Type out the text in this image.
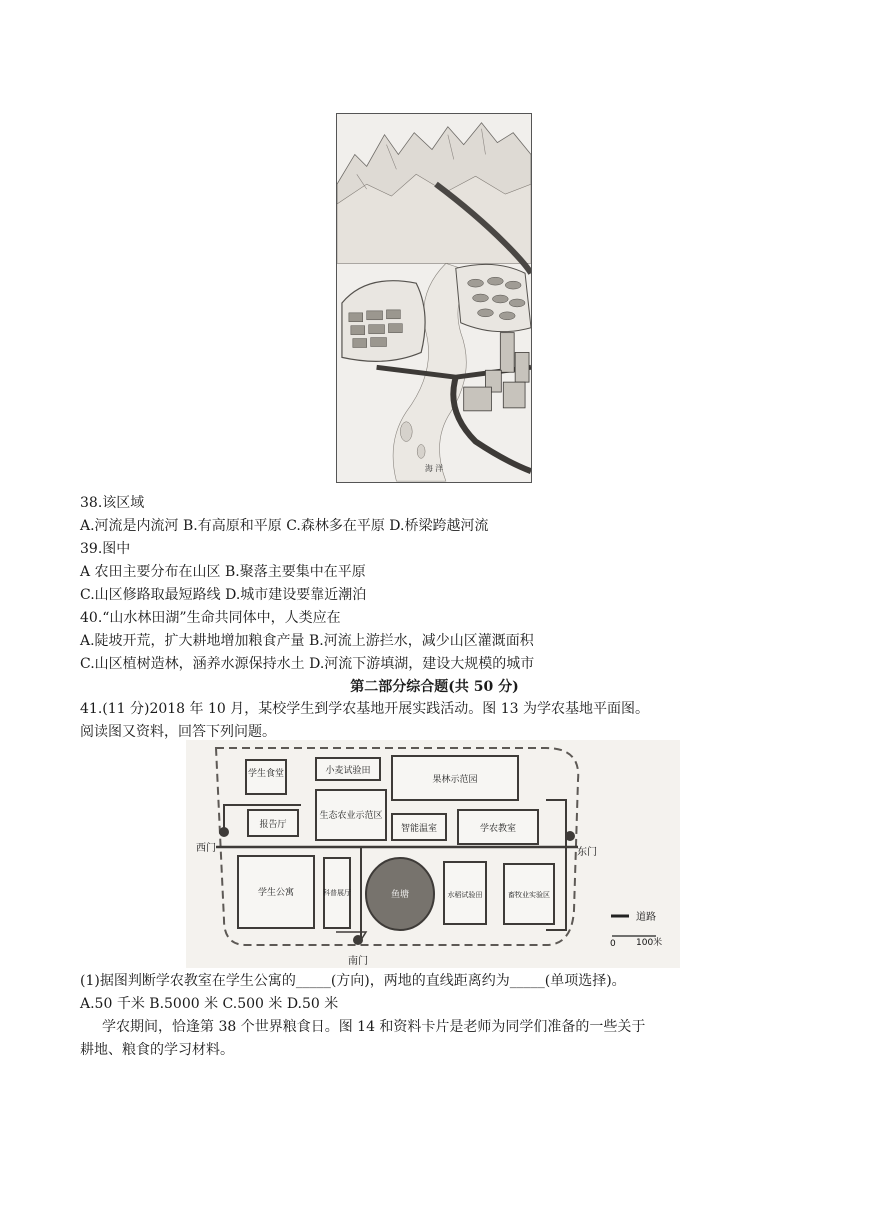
海 洋
38.该区域
A.河流是内流河 B.有高原和平原 C.森林多在平原 D.桥梁跨越河流
39.图中
A 农田主要分布在山区 B.聚落主要集中在平原
C.山区修路取最短路线 D.城市建设要靠近潮泊
40.“山水林田湖”生命共同体中，人类应在
A.陡坡开荒，扩大耕地增加粮食产量 B.河流上游拦水，减少山区灌溉面积
C.山区植树造林，涵养水源保持水土 D.河流下游填湖，建设大规模的城市
第二部分综合题(共 50 分)
41.(11 分)2018 年 10 月，某校学生到学农基地开展实践活动。图 13 为学农基地平面图。
阅读图又资料，回答下列问题。
学生食堂	小麦试验田
果林示范园
报告厅
生态农业示范区
智能温室	学农教室
学生公寓	科普展厅	鱼塘	水稻试验田	畜牧业实验区
西门	东门
南门
道路
0 100米
(1)据图判断学农教室在学生公寓的_____(方向)，两地的直线距离约为_____(单项选择)。
A.50 千米 B.5000 米 C.500 米 D.50 米
学农期间，恰逢第 38 个世界粮食日。图 14 和资料卡片是老师为同学们准备的一些关于
耕地、粮食的学习材料。
